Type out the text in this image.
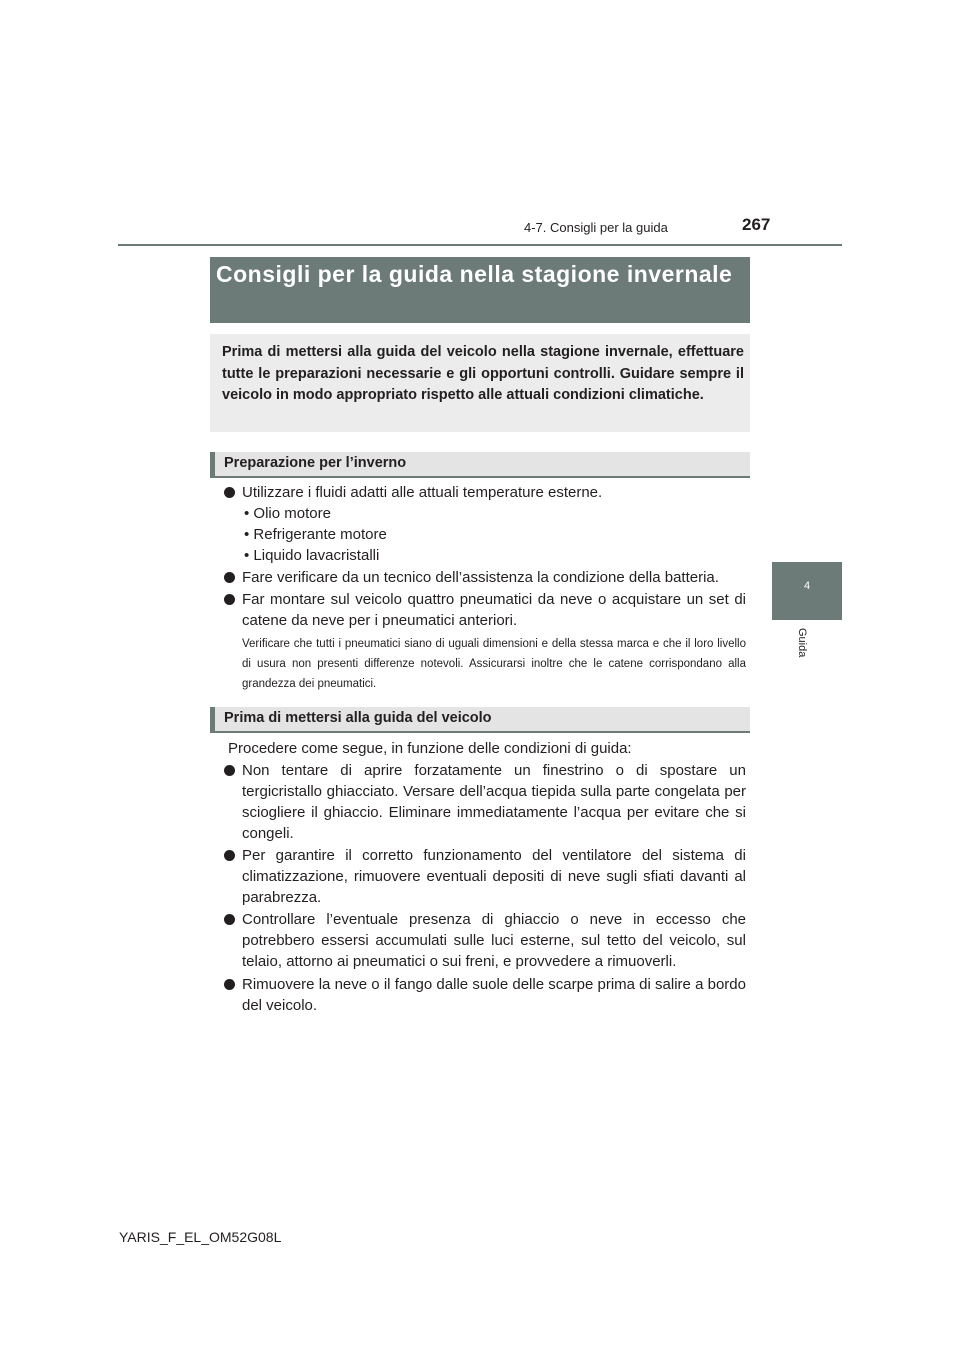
4-7. Consigli per la guida	267
4
Guida
Consigli per la guida nella stagione invernale
Prima di mettersi alla guida del veicolo nella stagione invernale, effettuare tutte le preparazioni necessarie e gli opportuni controlli. Guidare sempre il veicolo in modo appropriato rispetto alle attuali condizioni climatiche.
Preparazione per l’inverno
Utilizzare i fluidi adatti alle attuali temperature esterne.
• Olio motore
• Refrigerante motore
• Liquido lavacristalli
Fare verificare da un tecnico dell’assistenza la condizione della batteria.
Far montare sul veicolo quattro pneumatici da neve o acquistare un set di catene da neve per i pneumatici anteriori.
Verificare che tutti i pneumatici siano di uguali dimensioni e della stessa marca e che il loro livello di usura non presenti differenze notevoli. Assicurarsi inoltre che le catene corrispondano alla grandezza dei pneumatici.
Prima di mettersi alla guida del veicolo
Procedere come segue, in funzione delle condizioni di guida:
Non tentare di aprire forzatamente un finestrino o di spostare un tergicristallo ghiacciato. Versare dell’acqua tiepida sulla parte congelata per sciogliere il ghiaccio. Eliminare immediatamente l’acqua per evitare che si congeli.
Per garantire il corretto funzionamento del ventilatore del sistema di climatizzazione, rimuovere eventuali depositi di neve sugli sfiati davanti al parabrezza.
Controllare l’eventuale presenza di ghiaccio o neve in eccesso che potrebbero essersi accumulati sulle luci esterne, sul tetto del veicolo, sul telaio, attorno ai pneumatici o sui freni, e provvedere a rimuoverli.
Rimuovere la neve o il fango dalle suole delle scarpe prima di salire a bordo del veicolo.
YARIS_F_EL_OM52G08L
